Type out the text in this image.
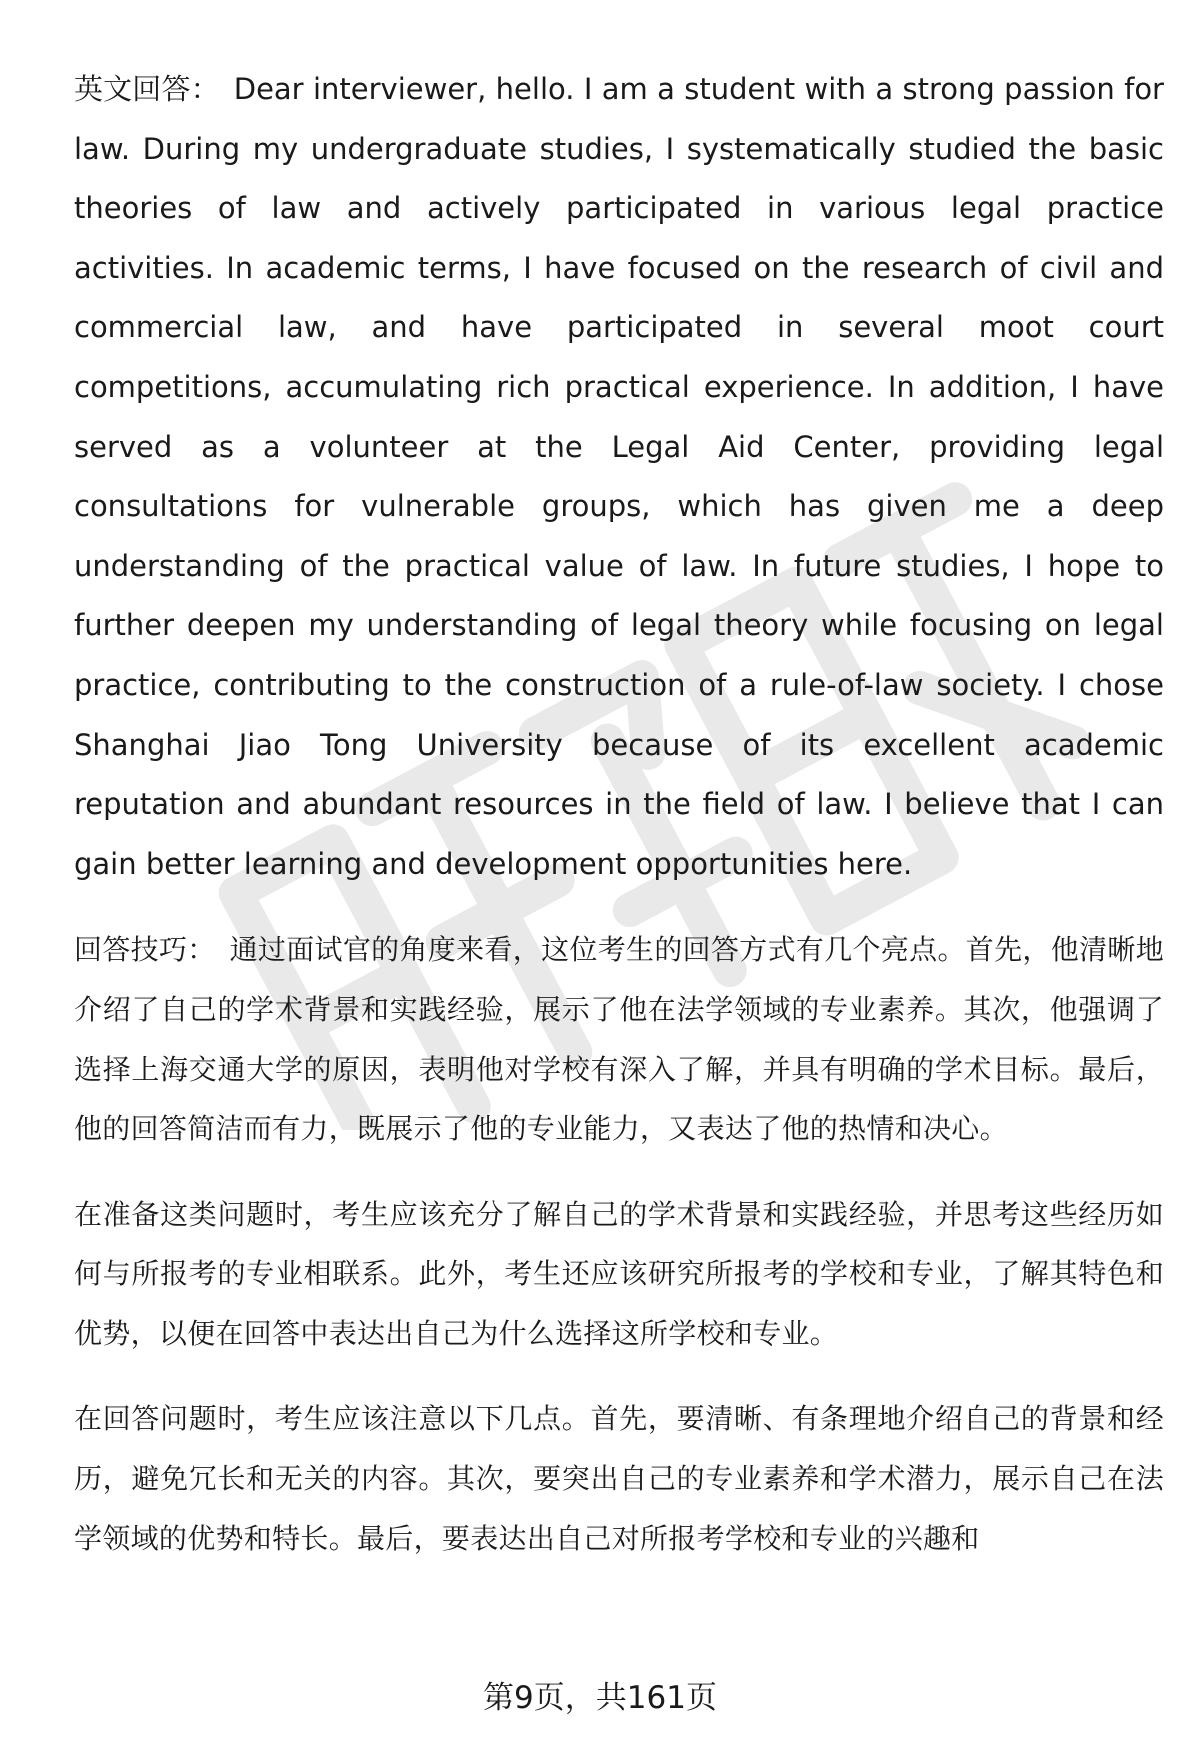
英文回答： Dear interviewer, hello. I am a student with a strong passion for law. During my undergraduate studies, I systematically studied the basic theories of law and actively participated in various legal practice activities. In academic terms, I have focused on the research of civil and commercial law, and have participated in several moot court competitions, accumulating rich practical experience. In addition, I have served as a volunteer at the Legal Aid Center, providing legal consultations for vulnerable groups, which has given me a deep understanding of the practical value of law. In future studies, I hope to further deepen my understanding of legal theory while focusing on legal practice, contributing to the construction of a rule-of-law society. I chose Shanghai Jiao Tong University because of its excellent academic reputation and abundant resources in the field of law. I believe that I can gain better learning and development opportunities here.

回答技巧： 通过面试官的角度来看，这位考生的回答方式有几个亮点。首先，他清晰地介绍了自己的学术背景和实践经验，展示了他在法学领域的专业素养。其次，他强调了选择上海交通大学的原因，表明他对学校有深入了解，并具有明确的学术目标。最后，他的回答简洁而有力，既展示了他的专业能力，又表达了他的热情和决心。

在准备这类问题时，考生应该充分了解自己的学术背景和实践经验，并思考这些经历如何与所报考的专业相联系。此外，考生还应该研究所报考的学校和专业，了解其特色和优势，以便在回答中表达出自己为什么选择这所学校和专业。

在回答问题时，考生应该注意以下几点。首先，要清晰、有条理地介绍自己的背景和经历，避免冗长和无关的内容。其次，要突出自己的专业素养和学术潜力，展示自己在法学领域的优势和特长。最后，要表达出自己对所报考学校和专业的兴趣和

第9页，共161页
